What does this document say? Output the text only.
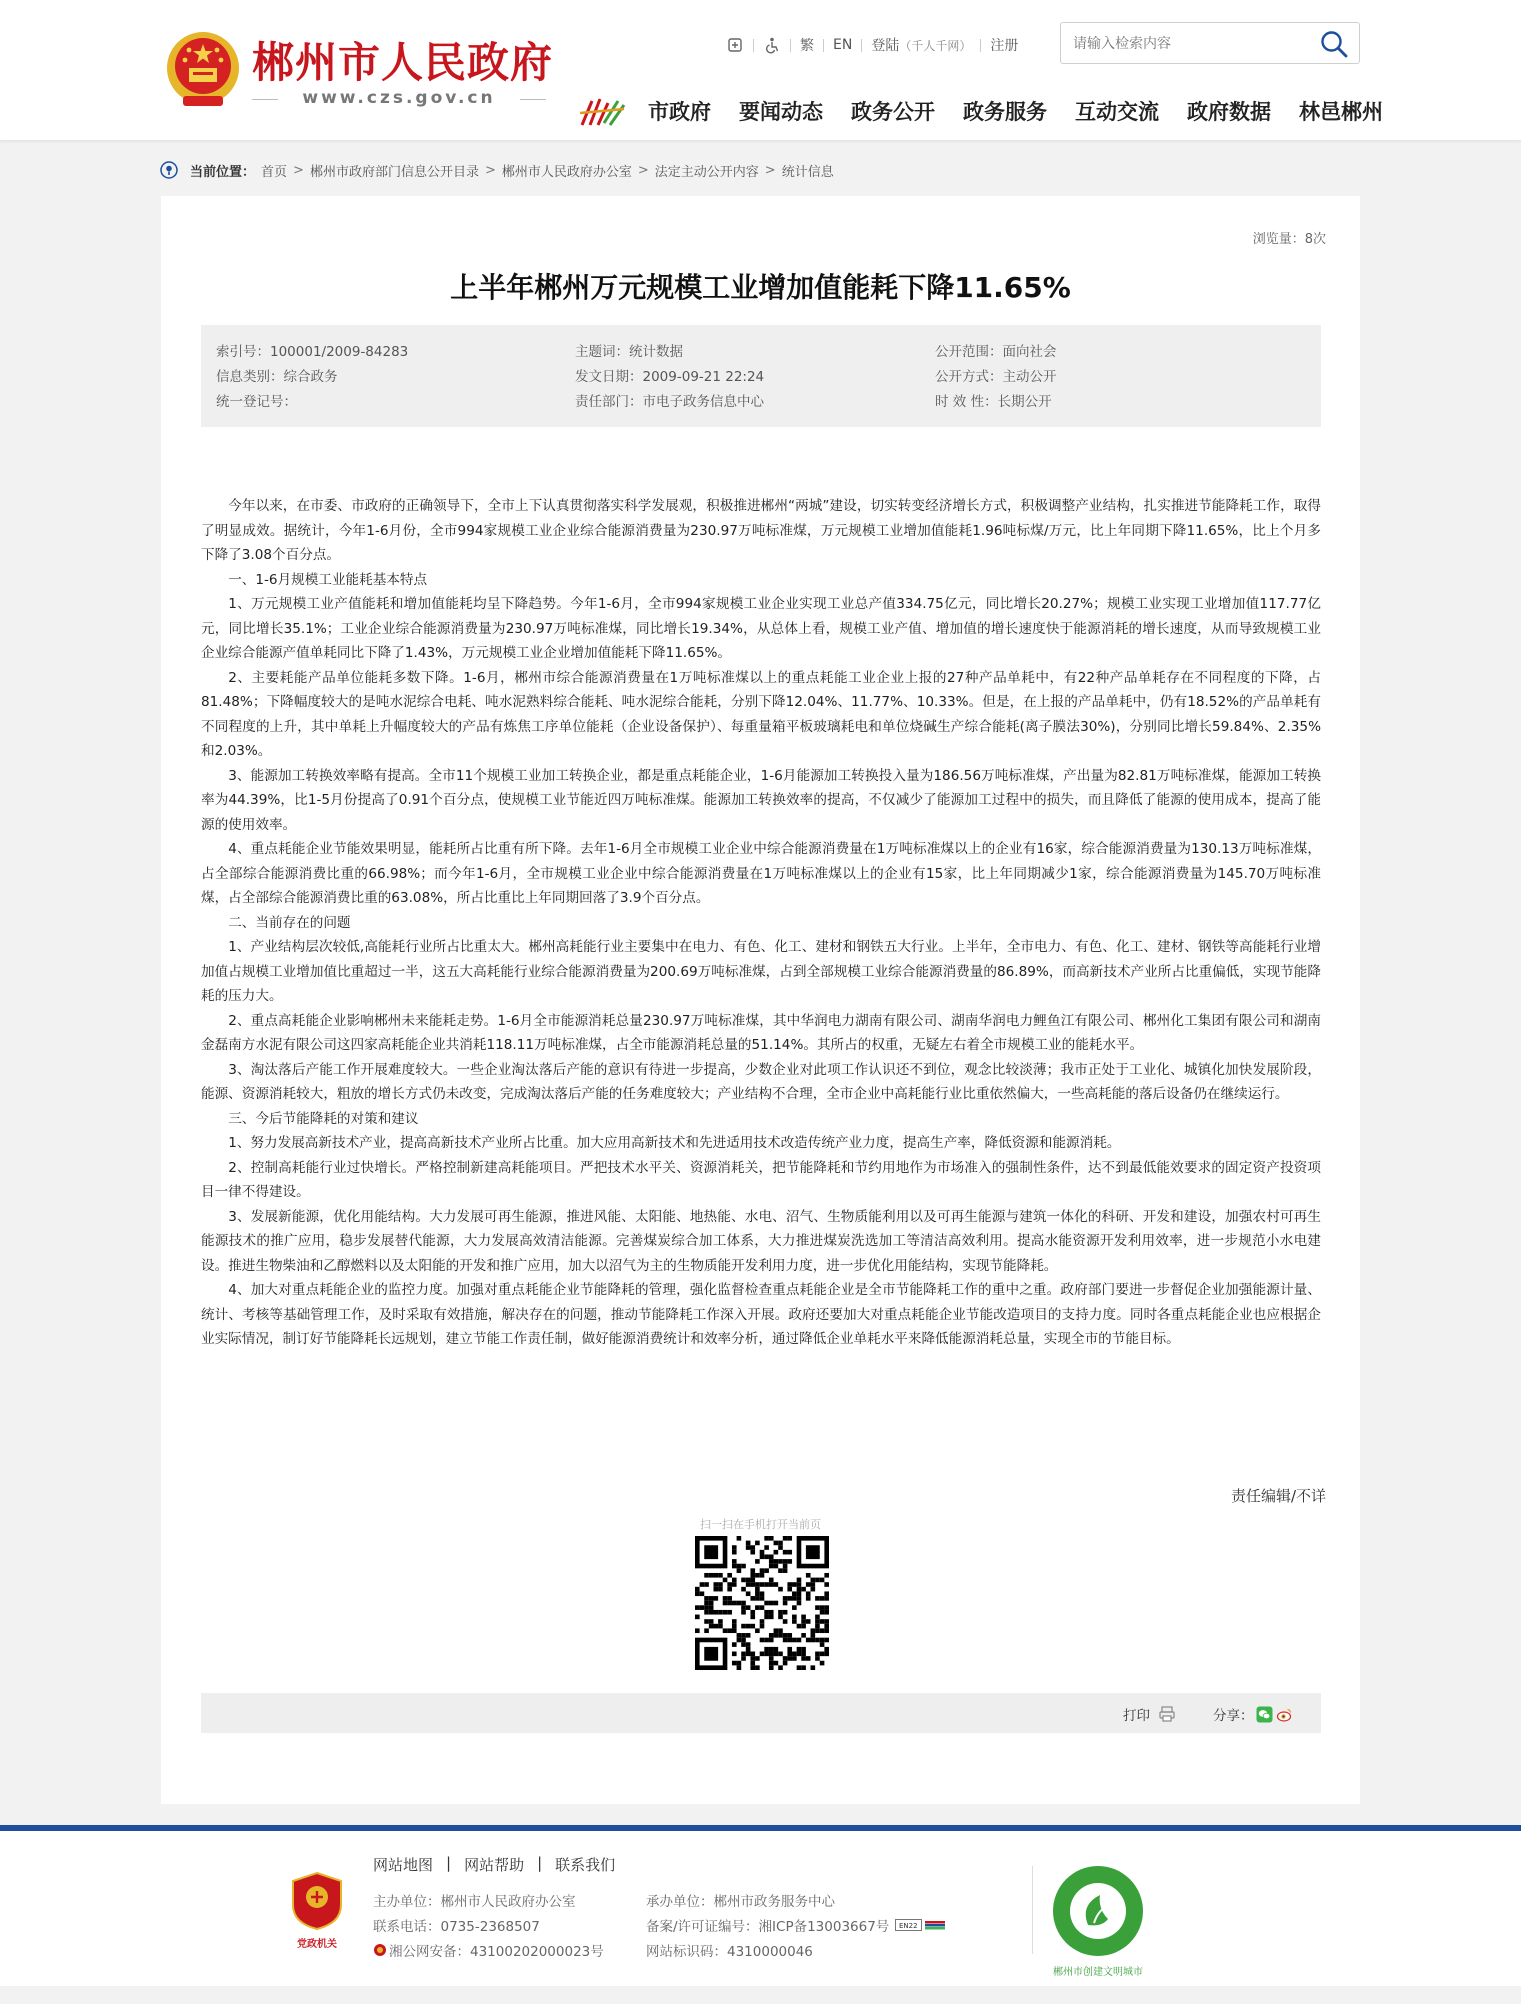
郴州市人民政府
www.czs.gov.cn
繁 EN 登陆 （千人千网） 注册
请输入检索内容
市政府 要闻动态 政务公开 政务服务 互动交流 政府数据 林邑郴州
当前位置： 首页 > 郴州市政府部门信息公开目录 > 郴州市人民政府办公室 > 法定主动公开内容 > 统计信息
浏览量：8次
上半年郴州万元规模工业增加值能耗下降11.65%
索引号：100001/2009-84283
信息类别：综合政务
统一登记号：
主题词：统计数据
发文日期：2009-09-21 22:24
责任部门：市电子政务信息中心
公开范围：面向社会
公开方式：主动公开
时 效 性：长期公开

今年以来，在市委、市政府的正确领导下，全市上下认真贯彻落实科学发展观，积极推进郴州“两城”建设，切实转变经济增长方式，积极调整产业结构，扎实推进节能降耗工作，取得了明显成效。据统计，今年1-6月份，全市994家规模工业企业综合能源消费量为230.97万吨标准煤，万元规模工业增加值能耗1.96吨标煤/万元，比上年同期下降11.65%，比上个月多下降了3.08个百分点。

一、1-6月规模工业能耗基本特点

1、万元规模工业产值能耗和增加值能耗均呈下降趋势。今年1-6月，全市994家规模工业企业实现工业总产值334.75亿元，同比增长20.27%；规模工业实现工业增加值117.77亿元，同比增长35.1%；工业企业综合能源消费量为230.97万吨标准煤，同比增长19.34%，从总体上看，规模工业产值、增加值的增长速度快于能源消耗的增长速度，从而导致规模工业企业综合能源产值单耗同比下降了1.43%，万元规模工业企业增加值能耗下降11.65%。

2、主要耗能产品单位能耗多数下降。1-6月，郴州市综合能源消费量在1万吨标准煤以上的重点耗能工业企业上报的27种产品单耗中，有22种产品单耗存在不同程度的下降，占81.48%；下降幅度较大的是吨水泥综合电耗、吨水泥熟料综合能耗、吨水泥综合能耗，分别下降12.04%、11.77%、10.33%。但是，在上报的产品单耗中，仍有18.52%的产品单耗有不同程度的上升，其中单耗上升幅度较大的产品有炼焦工序单位能耗（企业设备保护）、每重量箱平板玻璃耗电和单位烧碱生产综合能耗(离子膜法30%)，分别同比增长59.84%、2.35%和2.03%。

3、能源加工转换效率略有提高。全市11个规模工业加工转换企业，都是重点耗能企业，1-6月能源加工转换投入量为186.56万吨标准煤，产出量为82.81万吨标准煤，能源加工转换率为44.39%，比1-5月份提高了0.91个百分点，使规模工业节能近四万吨标准煤。能源加工转换效率的提高，不仅减少了能源加工过程中的损失，而且降低了能源的使用成本，提高了能源的使用效率。

4、重点耗能企业节能效果明显，能耗所占比重有所下降。去年1-6月全市规模工业企业中综合能源消费量在1万吨标准煤以上的企业有16家，综合能源消费量为130.13万吨标准煤，占全部综合能源消费比重的66.98%；而今年1-6月，全市规模工业企业中综合能源消费量在1万吨标准煤以上的企业有15家，比上年同期减少1家，综合能源消费量为145.70万吨标准煤，占全部综合能源消费比重的63.08%，所占比重比上年同期回落了3.9个百分点。

二、当前存在的问题

1、产业结构层次较低,高能耗行业所占比重太大。郴州高耗能行业主要集中在电力、有色、化工、建材和钢铁五大行业。上半年，全市电力、有色、化工、建材、钢铁等高能耗行业增加值占规模工业增加值比重超过一半，这五大高耗能行业综合能源消费量为200.69万吨标准煤，占到全部规模工业综合能源消费量的86.89%，而高新技术产业所占比重偏低，实现节能降耗的压力大。

2、重点高耗能企业影响郴州未来能耗走势。1-6月全市能源消耗总量230.97万吨标准煤，其中华润电力湖南有限公司、湖南华润电力鲤鱼江有限公司、郴州化工集团有限公司和湖南金磊南方水泥有限公司这四家高耗能企业共消耗118.11万吨标准煤，占全市能源消耗总量的51.14%。其所占的权重，无疑左右着全市规模工业的能耗水平。

3、淘汰落后产能工作开展难度较大。一些企业淘汰落后产能的意识有待进一步提高，少数企业对此项工作认识还不到位，观念比较淡薄；我市正处于工业化、城镇化加快发展阶段，能源、资源消耗较大，粗放的增长方式仍未改变，完成淘汰落后产能的任务难度较大；产业结构不合理，全市企业中高耗能行业比重依然偏大，一些高耗能的落后设备仍在继续运行。

三、今后节能降耗的对策和建议

1、努力发展高新技术产业，提高高新技术产业所占比重。加大应用高新技术和先进适用技术改造传统产业力度，提高生产率，降低资源和能源消耗。

2、控制高耗能行业过快增长。严格控制新建高耗能项目。严把技术水平关、资源消耗关，把节能降耗和节约用地作为市场准入的强制性条件，达不到最低能效要求的固定资产投资项目一律不得建设。

3、发展新能源，优化用能结构。大力发展可再生能源，推进风能、太阳能、地热能、水电、沼气、生物质能利用以及可再生能源与建筑一体化的科研、开发和建设，加强农村可再生能源技术的推广应用，稳步发展替代能源，大力发展高效清洁能源。完善煤炭综合加工体系，大力推进煤炭洗选加工等清洁高效利用。提高水能资源开发利用效率，进一步规范小水电建设。推进生物柴油和乙醇燃料以及太阳能的开发和推广应用，加大以沼气为主的生物质能开发利用力度，进一步优化用能结构，实现节能降耗。

4、加大对重点耗能企业的监控力度。加强对重点耗能企业节能降耗的管理，强化监督检查重点耗能企业是全市节能降耗工作的重中之重。政府部门要进一步督促企业加强能源计量、统计、考核等基础管理工作，及时采取有效措施，解决存在的问题，推动节能降耗工作深入开展。政府还要加大对重点耗能企业节能改造项目的支持力度。同时各重点耗能企业也应根据企业实际情况，制订好节能降耗长远规划，建立节能工作责任制，做好能源消费统计和效率分析，通过降低企业单耗水平来降低能源消耗总量，实现全市的节能目标。

责任编辑/不详
扫一扫在手机打开当前页
打印	分享：
党政机关
网站地图 | 网站帮助 | 联系我们
主办单位：郴州市人民政府办公室
联系电话：0735-2368507
湘公网安备：43100202000023号
承办单位：郴州市政务服务中心
备案/许可证编号：湘ICP备13003667号 EN22
网站标识码：4310000046
郴州市创建文明城市
